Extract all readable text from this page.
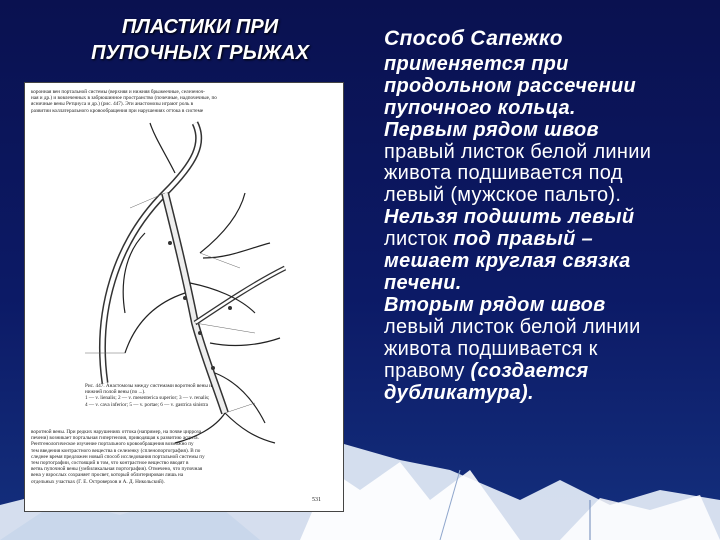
ПЛАСТИКИ ПРИ
ПУПОЧНЫХ ГРЫЖАХ
коронная вен портальной системы (верхняя и нижняя брыжеечные, селезеноч-
ная и др.) и вовлеченных в забрюшинное пространство (почечные, надпочечные, по
ясничные вены Ретциуса и др.) (рис. 447). Эти анастомозы играют роль в
развитии коллатерального кровообращения при нарушениях оттока в системе
Рис. 447. Анастомозы между системами воротной вены и
нижней полой вены (по ...).
1 — v. lienalis; 2 — v. mesenterica superior; 3 — v. renalis;
4 — v. cava inferior; 5 — v. portae; 6 — v. gastrica sinistra
воротной вены. При редких нарушениях оттока (например, на почве цирроза
печени) возникает портальная гипертензия, приводящая к развитию асцита.
Рентгенологическое изучение портального кровообращения возможно пу
тем введения контрастного вещества в селезенку (спленопортография). В по
следнее время предложен новый способ исследования портальной системы пу
тем портографии, состоящий в том, что контрастное вещество вводят в
ветвь пупочной вены (умбиликальная портография). Отмечено, что пупочная
вена у взрослых сохраняет просвет, который облитерирован лишь на
отдельных участках (Г. Е. Островерхов и А. Д. Никольский).
531
Способ Сапежко
применяется при
продольном рассечении
пупочного кольца.
Первым рядом швов
правый листок белой линии
живота подшивается под
левый (мужское пальто).
Нельзя подшить левый
листок под правый –
мешает круглая связка
печени.
Вторым рядом швов
левый листок белой линии
живота подшивается к
правому (создается
дубликатура).
